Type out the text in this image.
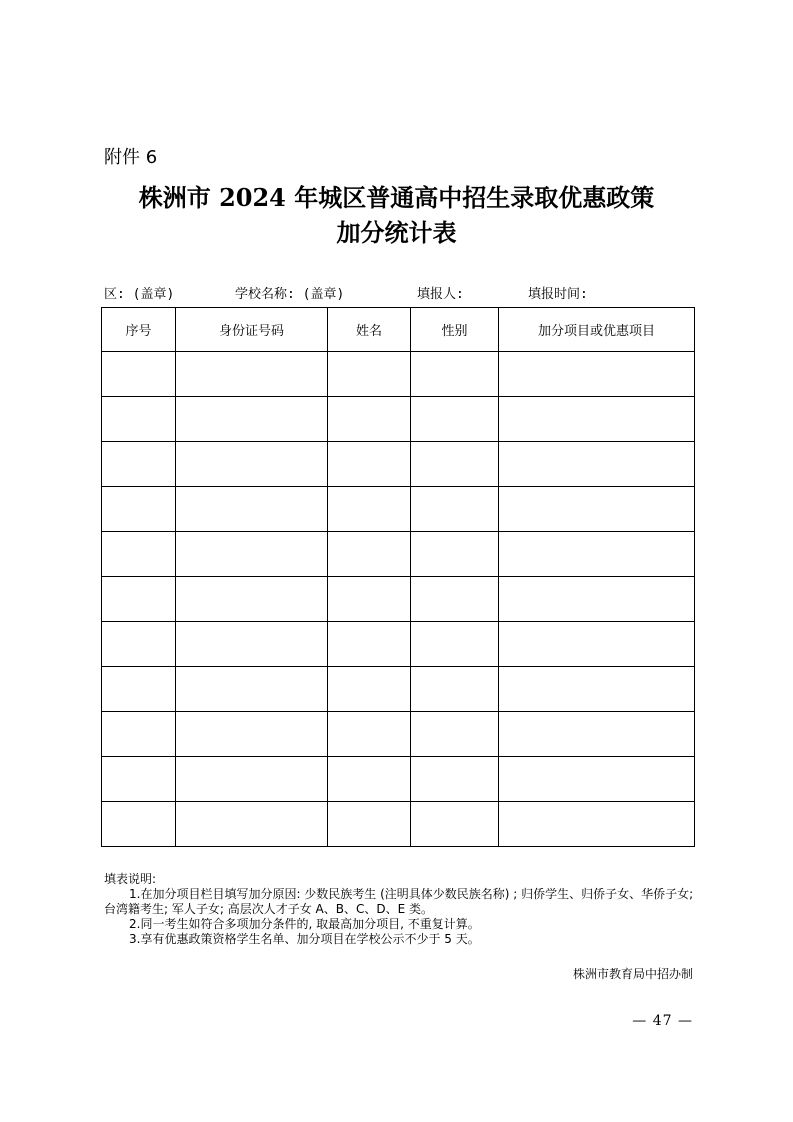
附件 6
株洲市 2024 年城区普通高中招生录取优惠政策
加分统计表
区: (盖章)	学校名称: (盖章)	填报人:	填报时间:
序号	身份证号码	姓名	性别	加分项目或优惠项目

填表说明:

1.在加分项目栏目填写加分原因: 少数民族考生 (注明具体少数民族名称) ; 归侨学生、归侨子女、华侨子女; 台湾籍考生; 军人子女; 高层次人才子女 A、B、C、D、E 类。

2.同一考生如符合多项加分条件的, 取最高加分项目, 不重复计算。

3.享有优惠政策资格学生名单、加分项目在学校公示不少于 5 天。

株洲市教育局中招办制
— 47 —
